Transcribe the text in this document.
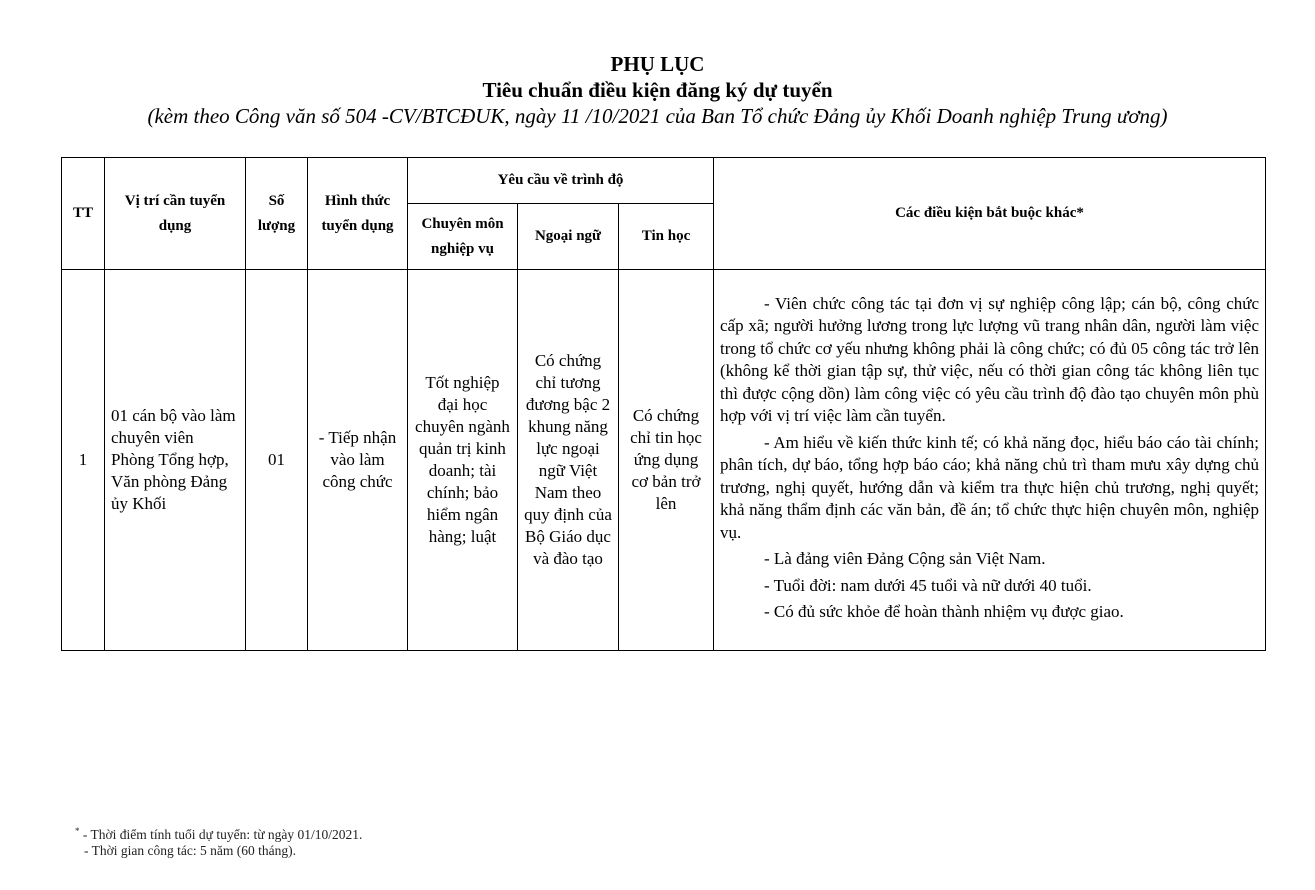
PHỤ LỤC
Tiêu chuẩn điều kiện đăng ký dự tuyển
(kèm theo Công văn số 504 -CV/BTCĐUK, ngày 11 /10/2021 của Ban Tổ chức Đảng ủy Khối Doanh nghiệp Trung ương)
TT	Vị trí cần tuyển dụng	Số lượng	Hình thức tuyển dụng	Yêu cầu về trình độ			Các điều kiện bắt buộc khác*
				Chuyên môn nghiệp vụ	Ngoại ngữ	Tin học	
1	01 cán bộ vào làm chuyên viên Phòng Tổng hợp, Văn phòng Đảng ủy Khối	01	- Tiếp nhận vào làm công chức	Tốt nghiệp đại học chuyên ngành quản trị kinh doanh; tài chính; bảo hiểm ngân hàng; luật	Có chứng chỉ tương đương bậc 2 khung năng lực ngoại ngữ Việt Nam theo quy định của Bộ Giáo dục và đào tạo	Có chứng chỉ tin học ứng dụng cơ bản trở lên	- Viên chức công tác tại đơn vị sự nghiệp công lập; cán bộ, công chức cấp xã; người hưởng lương trong lực lượng vũ trang nhân dân, người làm việc trong tổ chức cơ yếu nhưng không phải là công chức; có đủ 05 công tác trở lên (không kể thời gian tập sự, thử việc, nếu có thời gian công tác không liên tục thì được cộng dồn) làm công việc có yêu cầu trình độ đào tạo chuyên môn phù hợp với vị trí việc làm cần tuyển.

- Am hiểu về kiến thức kinh tế; có khả năng đọc, hiểu báo cáo tài chính; phân tích, dự báo, tổng hợp báo cáo; khả năng chủ trì tham mưu xây dựng chủ trương, nghị quyết, hướng dẫn và kiểm tra thực hiện chủ trương, nghị quyết; khả năng thẩm định các văn bản, đề án; tổ chức thực hiện chuyên môn, nghiệp vụ.

- Là đảng viên Đảng Cộng sản Việt Nam.

- Tuổi đời: nam dưới 45 tuổi và nữ dưới 40 tuổi.

- Có đủ sức khỏe để hoàn thành nhiệm vụ được giao.

* - Thời điểm tính tuổi dự tuyển: từ ngày 01/10/2021.
- Thời gian công tác: 5 năm (60 tháng).
